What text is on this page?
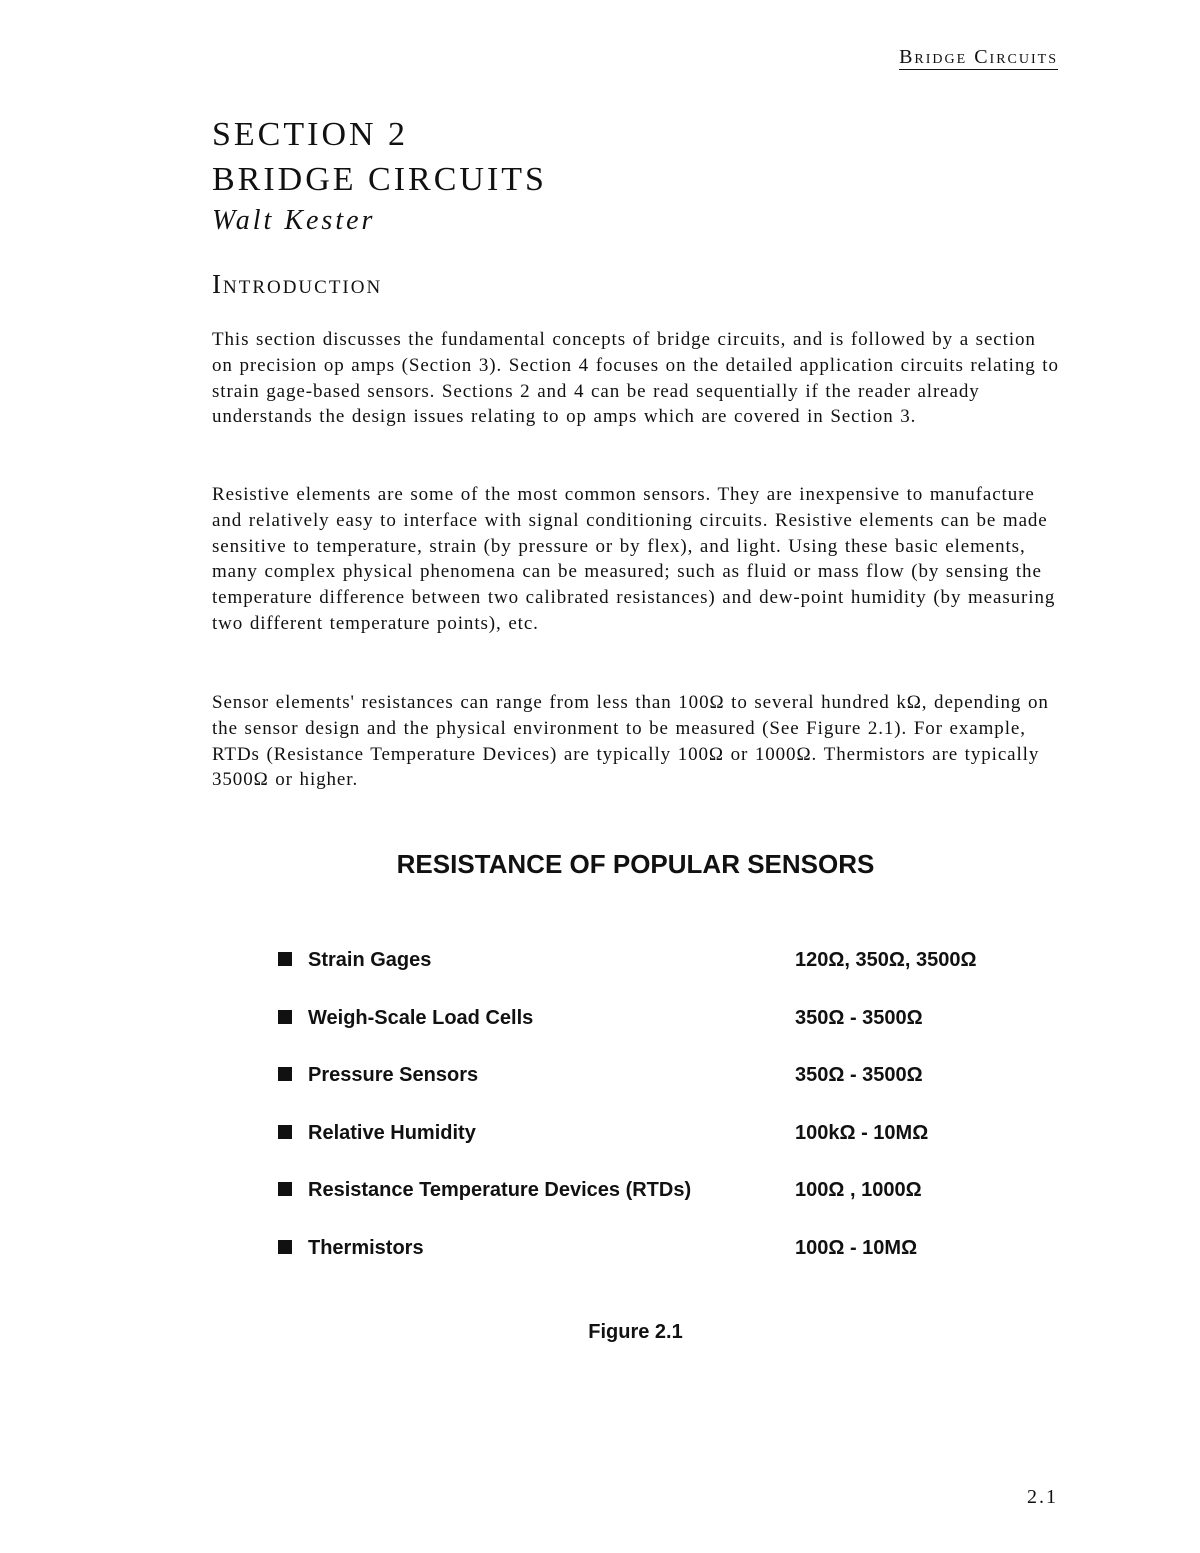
Bridge Circuits
SECTION 2
BRIDGE CIRCUITS

Walt Kester

Introduction

This section discusses the fundamental concepts of bridge circuits, and is followed by a section on precision op amps (Section 3). Section 4 focuses on the detailed application circuits relating to strain gage-based sensors. Sections 2 and 4 can be read sequentially if the reader already understands the design issues relating to op amps which are covered in Section 3.

Resistive elements are some of the most common sensors. They are inexpensive to manufacture and relatively easy to interface with signal conditioning circuits. Resistive elements can be made sensitive to temperature, strain (by pressure or by flex), and light. Using these basic elements, many complex physical phenomena can be measured; such as fluid or mass flow (by sensing the temperature difference between two calibrated resistances) and dew-point humidity (by measuring two different temperature points), etc.

Sensor elements' resistances can range from less than 100Ω to several hundred kΩ, depending on the sensor design and the physical environment to be measured (See Figure 2.1). For example, RTDs (Resistance Temperature Devices) are typically 100Ω or 1000Ω. Thermistors are typically 3500Ω or higher.

RESISTANCE OF POPULAR SENSORS
Strain Gages	120Ω, 350Ω, 3500Ω
Weigh-Scale Load Cells	350Ω - 3500Ω
Pressure Sensors	350Ω - 3500Ω
Relative Humidity	100kΩ - 10MΩ
Resistance Temperature Devices (RTDs)	100Ω , 1000Ω
Thermistors	100Ω - 10MΩ

Figure 2.1

2.1
